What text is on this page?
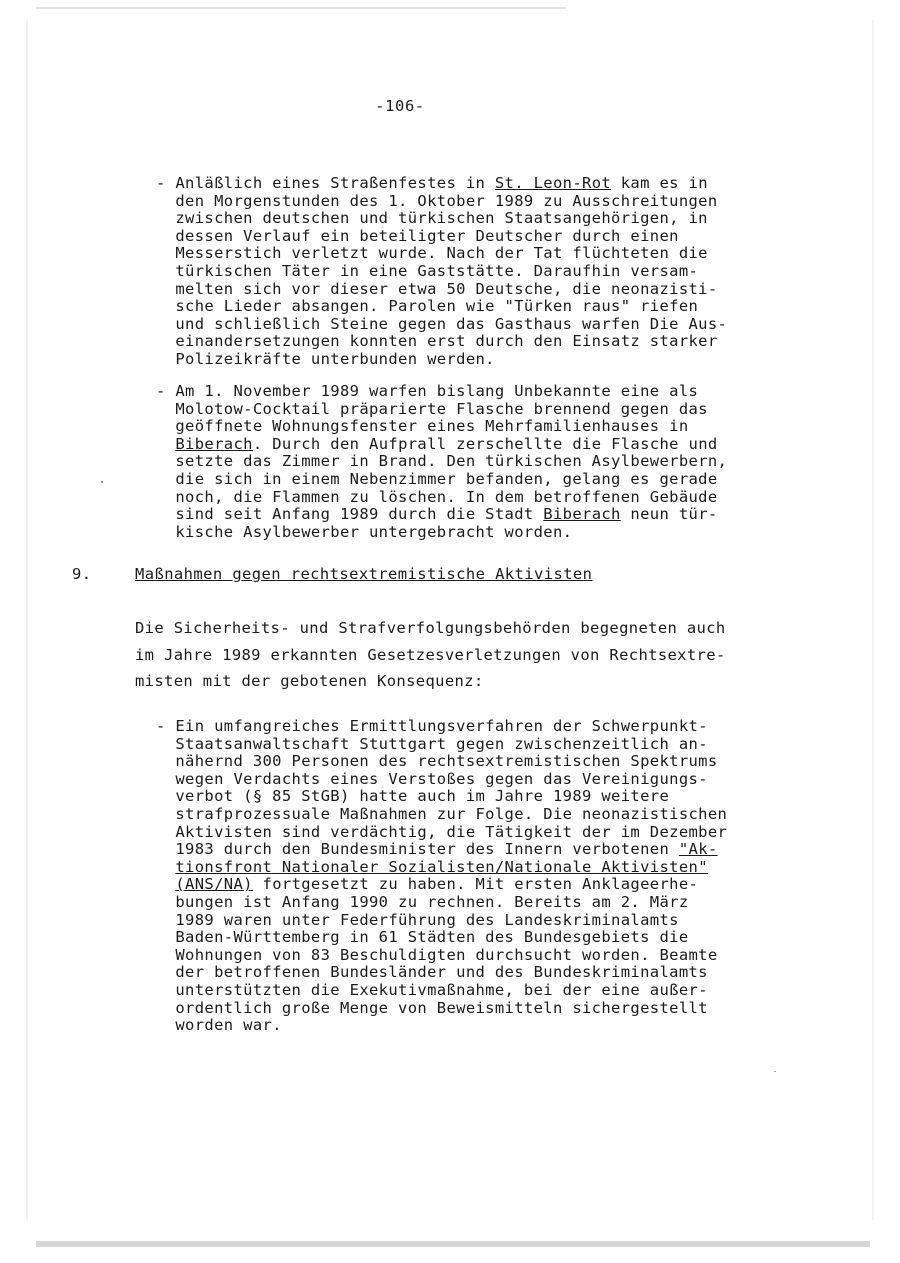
-106-
- Anläßlich eines Straßenfestes in St. Leon-Rot kam es in
den Morgenstunden des 1. Oktober 1989 zu Ausschreitungen
zwischen deutschen und türkischen Staatsangehörigen, in
dessen Verlauf ein beteiligter Deutscher durch einen
Messerstich verletzt wurde. Nach der Tat flüchteten die
türkischen Täter in eine Gaststätte. Daraufhin versam-
melten sich vor dieser etwa 50 Deutsche, die neonazisti-
sche Lieder absangen. Parolen wie "Türken raus" riefen
und schließlich Steine gegen das Gasthaus warfen Die Aus-
einandersetzungen konnten erst durch den Einsatz starker
Polizeikräfte unterbunden werden.
- Am 1. November 1989 warfen bislang Unbekannte eine als
Molotow-Cocktail präparierte Flasche brennend gegen das
geöffnete Wohnungsfenster eines Mehrfamilienhauses in
Biberach. Durch den Aufprall zerschellte die Flasche und
setzte das Zimmer in Brand. Den türkischen Asylbewerbern,
die sich in einem Nebenzimmer befanden, gelang es gerade
noch, die Flammen zu löschen. In dem betroffenen Gebäude
sind seit Anfang 1989 durch die Stadt Biberach neun tür-
kische Asylbewerber untergebracht worden.
9.	Maßnahmen gegen rechtsextremistische Aktivisten
Die Sicherheits- und Strafverfolgungsbehörden begegneten auch
im Jahre 1989 erkannten Gesetzesverletzungen von Rechtsextre-
misten mit der gebotenen Konsequenz:
- Ein umfangreiches Ermittlungsverfahren der Schwerpunkt-
Staatsanwaltschaft Stuttgart gegen zwischenzeitlich an-
nähernd 300 Personen des rechtsextremistischen Spektrums
wegen Verdachts eines Verstoßes gegen das Vereinigungs-
verbot (§ 85 StGB) hatte auch im Jahre 1989 weitere
strafprozessuale Maßnahmen zur Folge. Die neonazistischen
Aktivisten sind verdächtig, die Tätigkeit der im Dezember
1983 durch den Bundesminister des Innern verbotenen "Ak-
tionsfront Nationaler Sozialisten/Nationale Aktivisten"
(ANS/NA) fortgesetzt zu haben. Mit ersten Anklageerhe-
bungen ist Anfang 1990 zu rechnen. Bereits am 2. März
1989 waren unter Federführung des Landeskriminalamts
Baden-Württemberg in 61 Städten des Bundesgebiets die
Wohnungen von 83 Beschuldigten durchsucht worden. Beamte
der betroffenen Bundesländer und des Bundeskriminalamts
unterstützten die Exekutivmaßnahme, bei der eine außer-
ordentlich große Menge von Beweismitteln sichergestellt
worden war.
